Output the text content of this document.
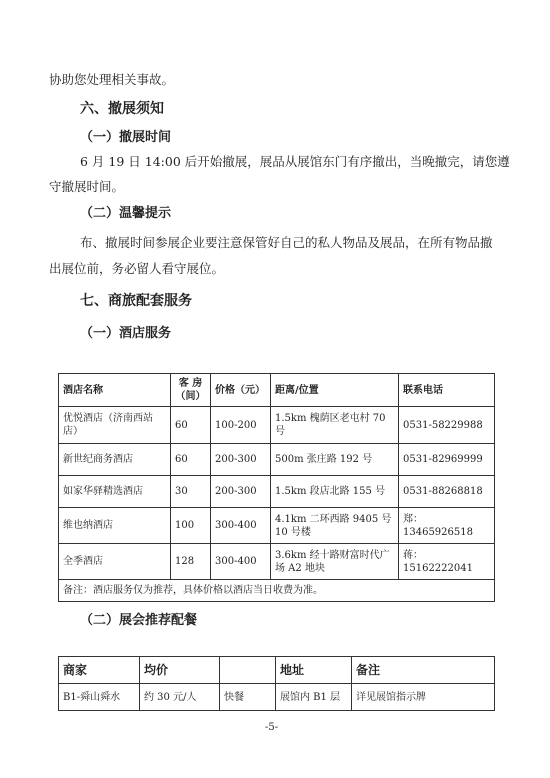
协助您处理相关事故。
六、撤展须知
（一）撤展时间
6 月 19 日 14:00 后开始撤展，展品从展馆东门有序撤出，当晚撤完，请您遵
守撤展时间。
（二）温馨提示
布、撤展时间参展企业要注意保管好自己的私人物品及展品，在所有物品撤
出展位前，务必留人看守展位。
七、商旅配套服务
（一）酒店服务
酒店名称	客 房（间）	价格（元）	距离/位置	联系电话
优悦酒店（济南西站店）	60	100-200	1.5km 槐荫区老屯村 70 号	0531-58229988
新世纪商务酒店	60	200-300	500m 张庄路 192 号	0531-82969999
如家华驿精选酒店	30	200-300	1.5km 段店北路 155 号	0531-88268818
维也纳酒店	100	300-400	4.1km 二环西路 9405 号 10 号楼	郑：13465926518
全季酒店	128	300-400	3.6km 经十路财富时代广场 A2 地块	蒋：15162222041
备注：酒店服务仅为推荐，具体价格以酒店当日收费为准。				
（二）展会推荐配餐
商家	均价		地址	备注
B1-舜山舜水	约 30 元/人	快餐	展馆内 B1 层	详见展馆指示牌
-5-
